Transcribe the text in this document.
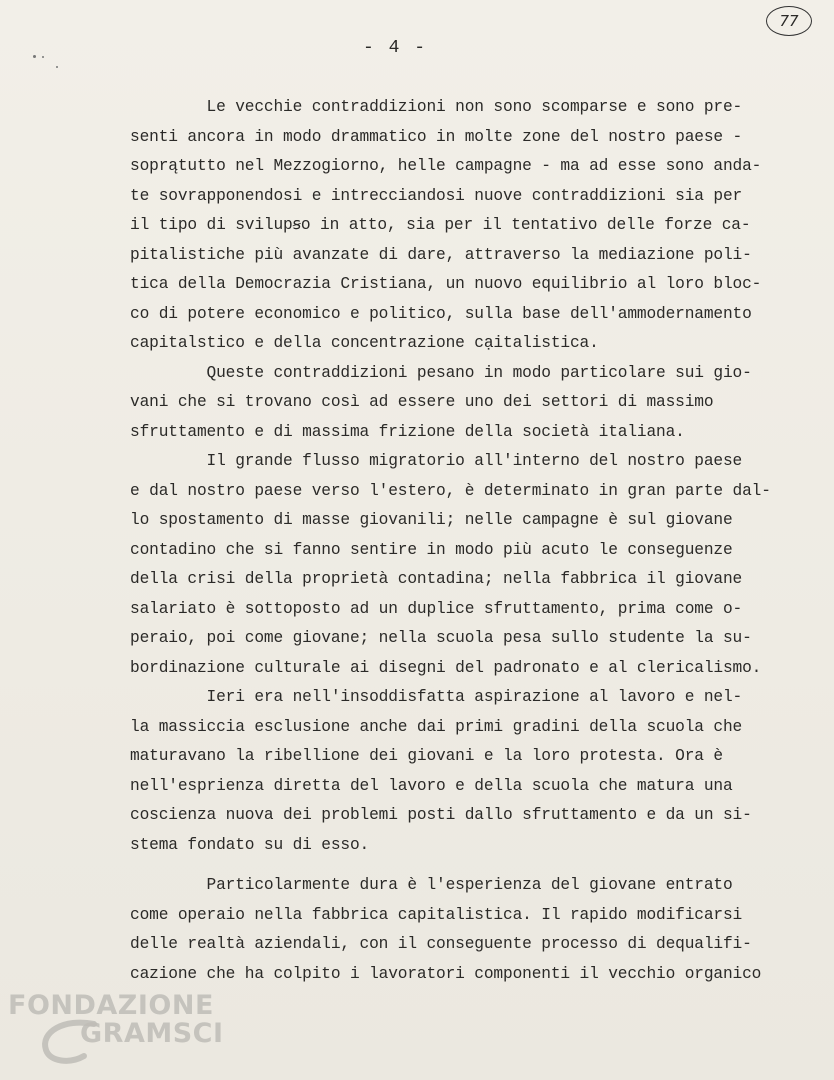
- 4 -
77
Le vecchie contraddizioni non sono scomparse e sono pre-
senti ancora in modo drammatico in molte zone del nostro paese -
soprątutto nel Mezzogiorno, helle campagne - ma ad esse sono anda-
te sovrapponendosi e intrecciandosi nuove contraddizioni sia per
il tipo di svilupꞩo in atto, sia per il tentativo delle forze ca-
pitalistiche più avanzate di dare, attraverso la mediazione poli-
tica della Democrazia Cristiana, un nuovo equilibrio al loro bloc-
co di potere economico e politico, sulla base dell'ammodernamento
capitalstico e della concentrazione cạitalistica.
Queste contraddizioni pesano in modo particolare sui gio-
vani che si trovano così ad essere uno dei settori di massimo
sfruttamento e di massima frizione della società italiana.
Il grande flusso migratorio all'interno del nostro paese
e dal nostro paese verso l'estero, è determinato in gran parte dal-
lo spostamento di masse giovanili; nelle campagne è sul giovane
contadino che si fanno sentire in modo più acuto le conseguenze
della crisi della proprietà contadina; nella fabbrica il giovane
salariato è sottoposto ad un duplice sfruttamento, prima come o-
peraio, poi come giovane; nella scuola pesa sullo studente la su-
bordinazione culturale ai disegni del padronato e al clericalismo.
Ieri era nell'insoddisfatta aspirazione al lavoro e nel-
la massiccia esclusione anche dai primi gradini della scuola che
maturavano la ribellione dei giovani e la loro protesta. Ora è
nell'esprienza diretta del lavoro e della scuola che matura una
coscienza nuova dei problemi posti dallo sfruttamento e da un si-
stema fondato su di esso.
Particolarmente dura è l'esperienza del giovane entrato
come operaio nella fabbrica capitalistica. Il rapido modificarsi
delle realtà aziendali, con il conseguente processo di dequalifi-
cazione che ha colpito i lavoratori componenti il vecchio organico
FONDAZIONE
GRAMSCI
